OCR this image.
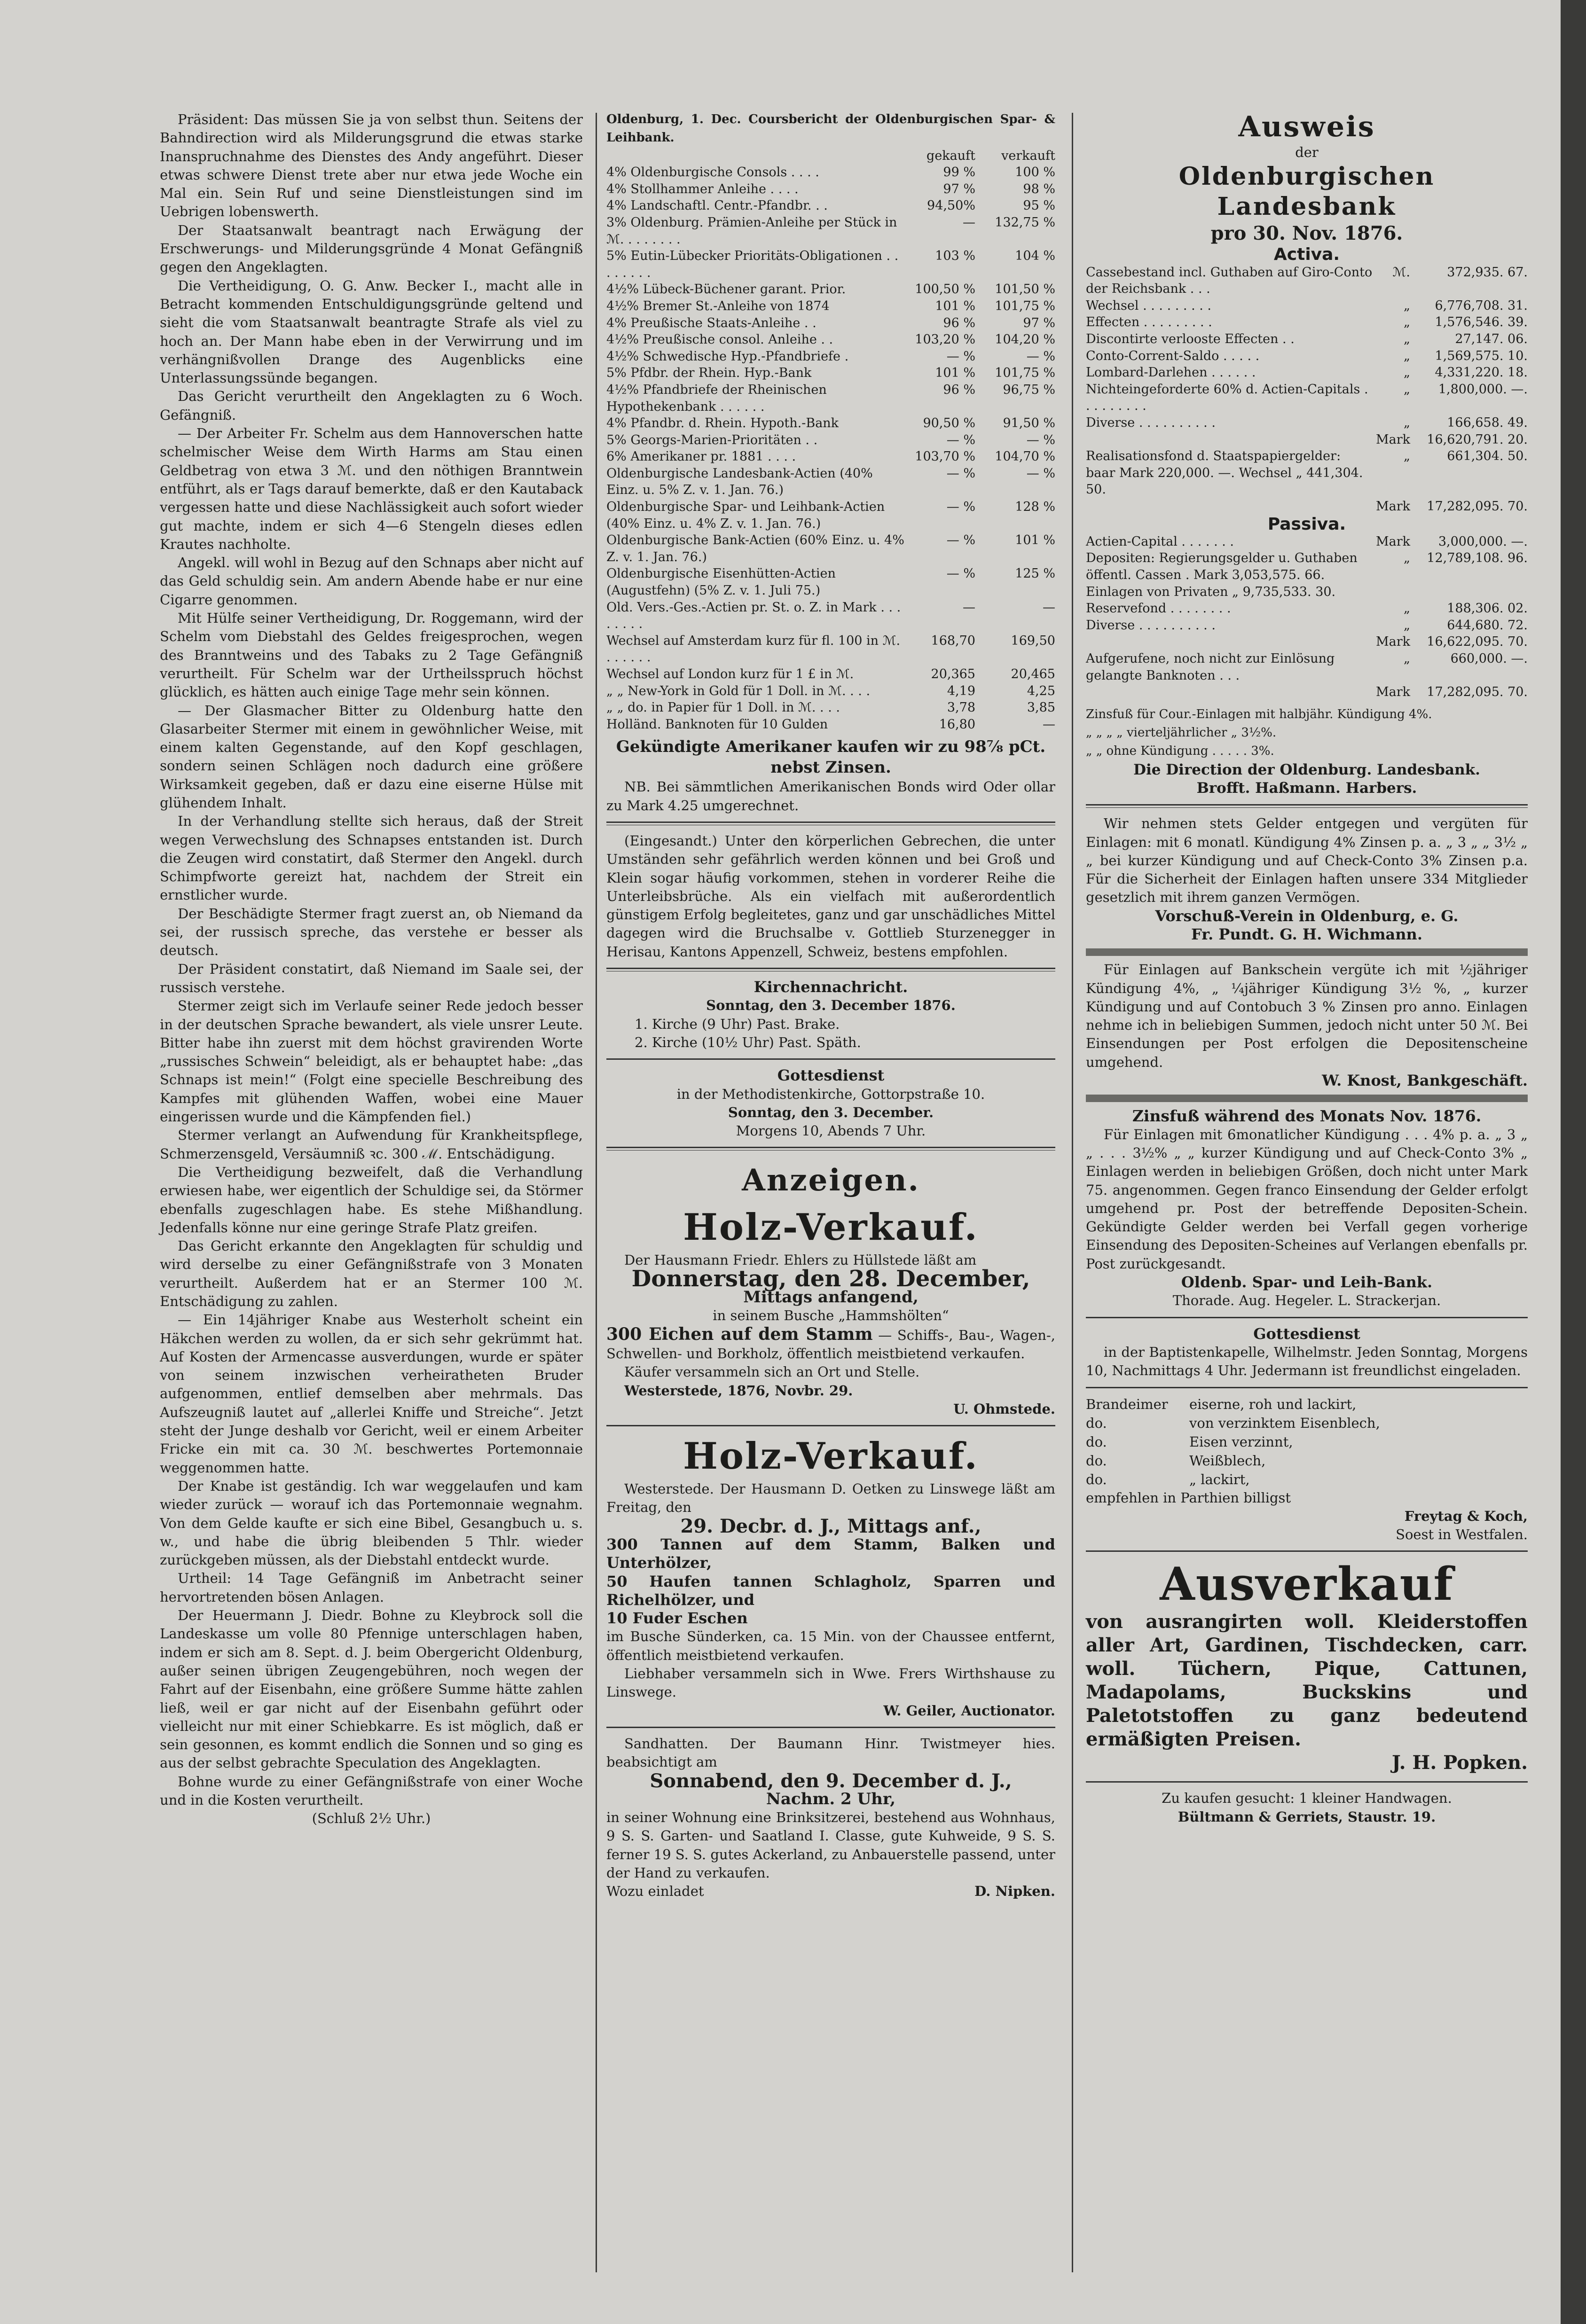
Präsident: Das müssen Sie ja von selbst thun. Seitens der Bahndirection wird als Milderungsgrund die etwas starke Inanspruchnahme des Dienstes des Andy angeführt. Dieser etwas schwere Dienst trete aber nur etwa jede Woche ein Mal ein. Sein Ruf und seine Dienstleistungen sind im Uebrigen lobenswerth.

Der Staatsanwalt beantragt nach Erwägung der Erschwerungs- und Milderungsgründe 4 Monat Gefängniß gegen den Angeklagten.

Die Vertheidigung, O. G. Anw. Becker I., macht alle in Betracht kommenden Entschuldigungsgründe geltend und sieht die vom Staatsanwalt beantragte Strafe als viel zu hoch an. Der Mann habe eben in der Verwirrung und im verhängnißvollen Drange des Augenblicks eine Unterlassungssünde begangen.

Das Gericht verurtheilt den Angeklagten zu 6 Woch. Gefängniß.

— Der Arbeiter Fr. Schelm aus dem Hannoverschen hatte schelmischer Weise dem Wirth Harms am Stau einen Geldbetrag von etwa 3 ℳ. und den nöthigen Branntwein entführt, als er Tags darauf bemerkte, daß er den Kautaback vergessen hatte und diese Nachlässigkeit auch sofort wieder gut machte, indem er sich 4—6 Stengeln dieses edlen Krautes nachholte.

Angekl. will wohl in Bezug auf den Schnaps aber nicht auf das Geld schuldig sein. Am andern Abende habe er nur eine Cigarre genommen.

Mit Hülfe seiner Vertheidigung, Dr. Roggemann, wird der Schelm vom Diebstahl des Geldes freigesprochen, wegen des Branntweins und des Tabaks zu 2 Tage Gefängniß verurtheilt. Für Schelm war der Urtheilsspruch höchst glücklich, es hätten auch einige Tage mehr sein können.

— Der Glasmacher Bitter zu Oldenburg hatte den Glasarbeiter Stermer mit einem in gewöhnlicher Weise, mit einem kalten Gegenstande, auf den Kopf geschlagen, sondern seinen Schlägen noch dadurch eine größere Wirksamkeit gegeben, daß er dazu eine eiserne Hülse mit glühendem Inhalt.

In der Verhandlung stellte sich heraus, daß der Streit wegen Verwechslung des Schnapses entstanden ist. Durch die Zeugen wird constatirt, daß Stermer den Angekl. durch Schimpfworte gereizt hat, nachdem der Streit ein ernstlicher wurde.

Der Beschädigte Stermer fragt zuerst an, ob Niemand da sei, der russisch spreche, das verstehe er besser als deutsch.

Der Präsident constatirt, daß Niemand im Saale sei, der russisch verstehe.

Stermer zeigt sich im Verlaufe seiner Rede jedoch besser in der deutschen Sprache bewandert, als viele unsrer Leute. Bitter habe ihn zuerst mit dem höchst gravirenden Worte „russisches Schwein“ beleidigt, als er behauptet habe: „das Schnaps ist mein!“ (Folgt eine specielle Beschreibung des Kampfes mit glühenden Waffen, wobei eine Mauer eingerissen wurde und die Kämpfenden fiel.)

Stermer verlangt an Aufwendung für Krankheitspflege, Schmerzensgeld, Versäumniß ꝛc. 300 ℳ. Entschädigung.

Die Vertheidigung bezweifelt, daß die Verhandlung erwiesen habe, wer eigentlich der Schuldige sei, da Störmer ebenfalls zugeschlagen habe. Es stehe Mißhandlung. Jedenfalls könne nur eine geringe Strafe Platz greifen.

Das Gericht erkannte den Angeklagten für schuldig und wird derselbe zu einer Gefängnißstrafe von 3 Monaten verurtheilt. Außerdem hat er an Stermer 100 ℳ. Entschädigung zu zahlen.

— Ein 14jähriger Knabe aus Westerholt scheint ein Häkchen werden zu wollen, da er sich sehr gekrümmt hat. Auf Kosten der Armencasse ausverdungen, wurde er später von seinem inzwischen verheiratheten Bruder aufgenommen, entlief demselben aber mehrmals. Das Aufszeugniß lautet auf „allerlei Kniffe und Streiche“. Jetzt steht der Junge deshalb vor Gericht, weil er einem Arbeiter Fricke ein mit ca. 30 ℳ. beschwertes Portemonnaie weggenommen hatte.

Der Knabe ist geständig. Ich war weggelaufen und kam wieder zurück — worauf ich das Portemonnaie wegnahm. Von dem Gelde kaufte er sich eine Bibel, Gesangbuch u. s. w., und habe die übrig bleibenden 5 Thlr. wieder zurückgeben müssen, als der Diebstahl entdeckt wurde.

Urtheil: 14 Tage Gefängniß im Anbetracht seiner hervortretenden bösen Anlagen.

Der Heuermann J. Diedr. Bohne zu Kleybrock soll die Landeskasse um volle 80 Pfennige unterschlagen haben, indem er sich am 8. Sept. d. J. beim Obergericht Oldenburg, außer seinen übrigen Zeugengebühren, noch wegen der Fahrt auf der Eisenbahn, eine größere Summe hätte zahlen ließ, weil er gar nicht auf der Eisenbahn geführt oder vielleicht nur mit einer Schiebkarre. Es ist möglich, daß er sein gesonnen, es kommt endlich die Sonnen und so ging es aus der selbst gebrachte Speculation des Angeklagten.

Bohne wurde zu einer Gefängnißstrafe von einer Woche und in die Kosten verurtheilt.

(Schluß 2½ Uhr.)

Oldenburg, 1. Dec. Coursbericht der Oldenburgischen Spar- & Leihbank.

	gekauft	verkauft
4% Oldenburgische Consols . . . .	99 %	100 %
4% Stollhammer Anleihe . . . .	97 %	98 %
4% Landschaftl. Centr.-Pfandbr. . .	94,50%	95 %
3% Oldenburg. Prämien-Anleihe per Stück in ℳ. . . . . . . .	—	132,75 %
5% Eutin-Lübecker Prioritäts-Obligationen . . . . . . . .	103 %	104 %
4½% Lübeck-Büchener garant. Prior.	100,50 %	101,50 %
4½% Bremer St.-Anleihe von 1874	101 %	101,75 %
4% Preußische Staats-Anleihe . .	96 %	97 %
4½% Preußische consol. Anleihe . .	103,20 %	104,20 %
4½% Schwedische Hyp.-Pfandbriefe .	— %	— %
5% Pfdbr. der Rhein. Hyp.-Bank	101 %	101,75 %
4½% Pfandbriefe der Rheinischen Hypothekenbank . . . . . .	96 %	96,75 %
4% Pfandbr. d. Rhein. Hypoth.-Bank	90,50 %	91,50 %
5% Georgs-Marien-Prioritäten . .	— %	— %
6% Amerikaner pr. 1881 . . . .	103,70 %	104,70 %
Oldenburgische Landesbank-Actien (40% Einz. u. 5% Z. v. 1. Jan. 76.)	— %	— %
Oldenburgische Spar- und Leihbank-Actien (40% Einz. u. 4% Z. v. 1. Jan. 76.)	— %	128 %
Oldenburgische Bank-Actien (60% Einz. u. 4% Z. v. 1. Jan. 76.)	— %	101 %
Oldenburgische Eisenhütten-Actien (Augustfehn) (5% Z. v. 1. Juli 75.)	— %	125 %
Old. Vers.-Ges.-Actien pr. St. o. Z. in Mark . . . . . . . .	—	—
Wechsel auf Amsterdam kurz für fl. 100 in ℳ. . . . . . .	168,70	169,50
Wechsel auf London kurz für 1 £ in ℳ.	20,365	20,465
„ „ New-York in Gold für 1 Doll. in ℳ. . . .	4,19	4,25
„ „ do. in Papier für 1 Doll. in ℳ. . . .	3,78	3,85
Holländ. Banknoten für 10 Gulden	16,80	—

Gekündigte Amerikaner kaufen wir zu 98⅞ pCt. nebst Zinsen.

NB. Bei sämmtlichen Amerikanischen Bonds wird Oder ollar zu Mark 4.25 umgerechnet.

(Eingesandt.) Unter den körperlichen Gebrechen, die unter Umständen sehr gefährlich werden können und bei Groß und Klein sogar häufig vorkommen, stehen in vorderer Reihe die Unterleibsbrüche. Als ein vielfach mit außerordentlich günstigem Erfolg begleitetes, ganz und gar unschädliches Mittel dagegen wird die Bruchsalbe v. Gottlieb Sturzenegger in Herisau, Kantons Appenzell, Schweiz, bestens empfohlen.

Kirchennachricht.

Sonntag, den 3. December 1876.

1. Kirche (9 Uhr) Past. Brake.

2. Kirche (10½ Uhr) Past. Späth.

Gottesdienst

in der Methodistenkirche, Gottorpstraße 10.

Sonntag, den 3. December.

Morgens 10, Abends 7 Uhr.

Anzeigen.

Holz-Verkauf.

Der Hausmann Friedr. Ehlers zu Hüllstede läßt am

Donnerstag, den 28. December,

Mittags anfangend,

in seinem Busche „Hammshölten“

300 Eichen auf dem Stamm — Schiffs-, Bau-, Wagen-, Schwellen- und Borkholz, öffentlich meistbietend verkaufen.

Käufer versammeln sich an Ort und Stelle.

Westerstede, 1876, Novbr. 29.

U. Ohmstede.

Holz-Verkauf.

Westerstede. Der Hausmann D. Oetken zu Linswege läßt am Freitag, den

29. Decbr. d. J., Mittags anf.,

300 Tannen auf dem Stamm, Balken und Unterhölzer,

50 Haufen tannen Schlagholz, Sparren und Richelhölzer, und

10 Fuder Eschen

im Busche Sünderken, ca. 15 Min. von der Chaussee entfernt, öffentlich meistbietend verkaufen.

Liebhaber versammeln sich in Wwe. Frers Wirthshause zu Linswege.

W. Geiler, Auctionator.

Sandhatten. Der Baumann Hinr. Twistmeyer hies. beabsichtigt am

Sonnabend, den 9. December d. J.,

Nachm. 2 Uhr,

in seiner Wohnung eine Brinksitzerei, bestehend aus Wohnhaus, 9 S. S. Garten- und Saatland I. Classe, gute Kuhweide, 9 S. S. ferner 19 S. S. gutes Ackerland, zu Anbauerstelle passend, unter der Hand zu verkaufen.

Wozu einladet	D. Nipken.

Ausweis

der

Oldenburgischen Landesbank

pro 30. Nov. 1876.

Activa.

Cassebestand incl. Guthaben auf Giro-Conto der Reichsbank . . .	ℳ.	372,935. 67.
Wechsel . . . . . . . . .	„	6,776,708. 31.
Effecten . . . . . . . . .	„	1,576,546. 39.
Discontirte verlooste Effecten . .	„	27,147. 06.
Conto-Corrent-Saldo . . . . .	„	1,569,575. 10.
Lombard-Darlehen . . . . . .	„	4,331,220. 18.
Nichteingeforderte 60% d. Actien-Capitals . . . . . . . . .	„	1,800,000. —.
Diverse . . . . . . . . . .	„	166,658. 49.
	Mark	16,620,791. 20.
Realisationsfond d. Staatspapiergelder: baar Mark 220,000. —. Wechsel „ 441,304. 50.	„	661,304. 50.
	Mark	17,282,095. 70.

Passiva.

Actien-Capital . . . . . . .	Mark	3,000,000. —.
Depositen: Regierungsgelder u. Guthaben öffentl. Cassen . Mark 3,053,575. 66. Einlagen von Privaten „ 9,735,533. 30.	„	12,789,108. 96.
Reservefond . . . . . . . .	„	188,306. 02.
Diverse . . . . . . . . . .	„	644,680. 72.
	Mark	16,622,095. 70.
Aufgerufene, noch nicht zur Einlösung gelangte Banknoten . . .	„	660,000. —.
	Mark	17,282,095. 70.

Zinsfuß für Cour.-Einlagen mit halbjähr. Kündigung 4%.

„ „ „ „ vierteljährlicher „ 3½%.

„ „ ohne Kündigung . . . . . 3%.

Die Direction der Oldenburg. Landesbank.

Brofft. Haßmann. Harbers.

Wir nehmen stets Gelder entgegen und vergüten für Einlagen: mit 6 monatl. Kündigung 4% Zinsen p. a. „ 3 „ „ 3½ „ „ bei kurzer Kündigung und auf Check-Conto 3% Zinsen p.a. Für die Sicherheit der Einlagen haften unsere 334 Mitglieder gesetzlich mit ihrem ganzen Vermögen.

Vorschuß-Verein in Oldenburg, e. G.

Fr. Pundt. G. H. Wichmann.

Für Einlagen auf Bankschein vergüte ich mit ½jähriger Kündigung 4%, „ ¼jähriger Kündigung 3½ %, „ kurzer Kündigung und auf Contobuch 3 % Zinsen pro anno. Einlagen nehme ich in beliebigen Summen, jedoch nicht unter 50 ℳ. Bei Einsendungen per Post erfolgen die Depositenscheine umgehend.

W. Knost, Bankgeschäft.

Zinsfuß während des Monats Nov. 1876.

Für Einlagen mit 6monatlicher Kündigung . . . 4% p. a. „ 3 „ „ . . . 3½% „ „ kurzer Kündigung und auf Check-Conto 3% „ Einlagen werden in beliebigen Größen, doch nicht unter Mark 75. angenommen. Gegen franco Einsendung der Gelder erfolgt umgehend pr. Post der betreffende Depositen-Schein. Gekündigte Gelder werden bei Verfall gegen vorherige Einsendung des Depositen-Scheines auf Verlangen ebenfalls pr. Post zurückgesandt.

Oldenb. Spar- und Leih-Bank.

Thorade. Aug. Hegeler. L. Strackerjan.

Gottesdienst

in der Baptistenkapelle, Wilhelmstr. Jeden Sonntag, Morgens 10, Nachmittags 4 Uhr. Jedermann ist freundlichst eingeladen.

Brandeimer	eiserne, roh und lackirt,
do.	von verzinktem Eisenblech,
do.	Eisen verzinnt,
do.	Weißblech,
do.	„ lackirt,

empfehlen in Parthien billigst

Freytag & Koch,

Soest in Westfalen.

Ausverkauf

von ausrangirten woll. Kleiderstoffen aller Art, Gardinen, Tischdecken, carr. woll. Tüchern, Pique, Cattunen, Madapolams, Buckskins und Paletotstoffen zu ganz bedeutend ermäßigten Preisen.

J. H. Popken.

Zu kaufen gesucht: 1 kleiner Handwagen.

Bültmann & Gerriets, Staustr. 19.
